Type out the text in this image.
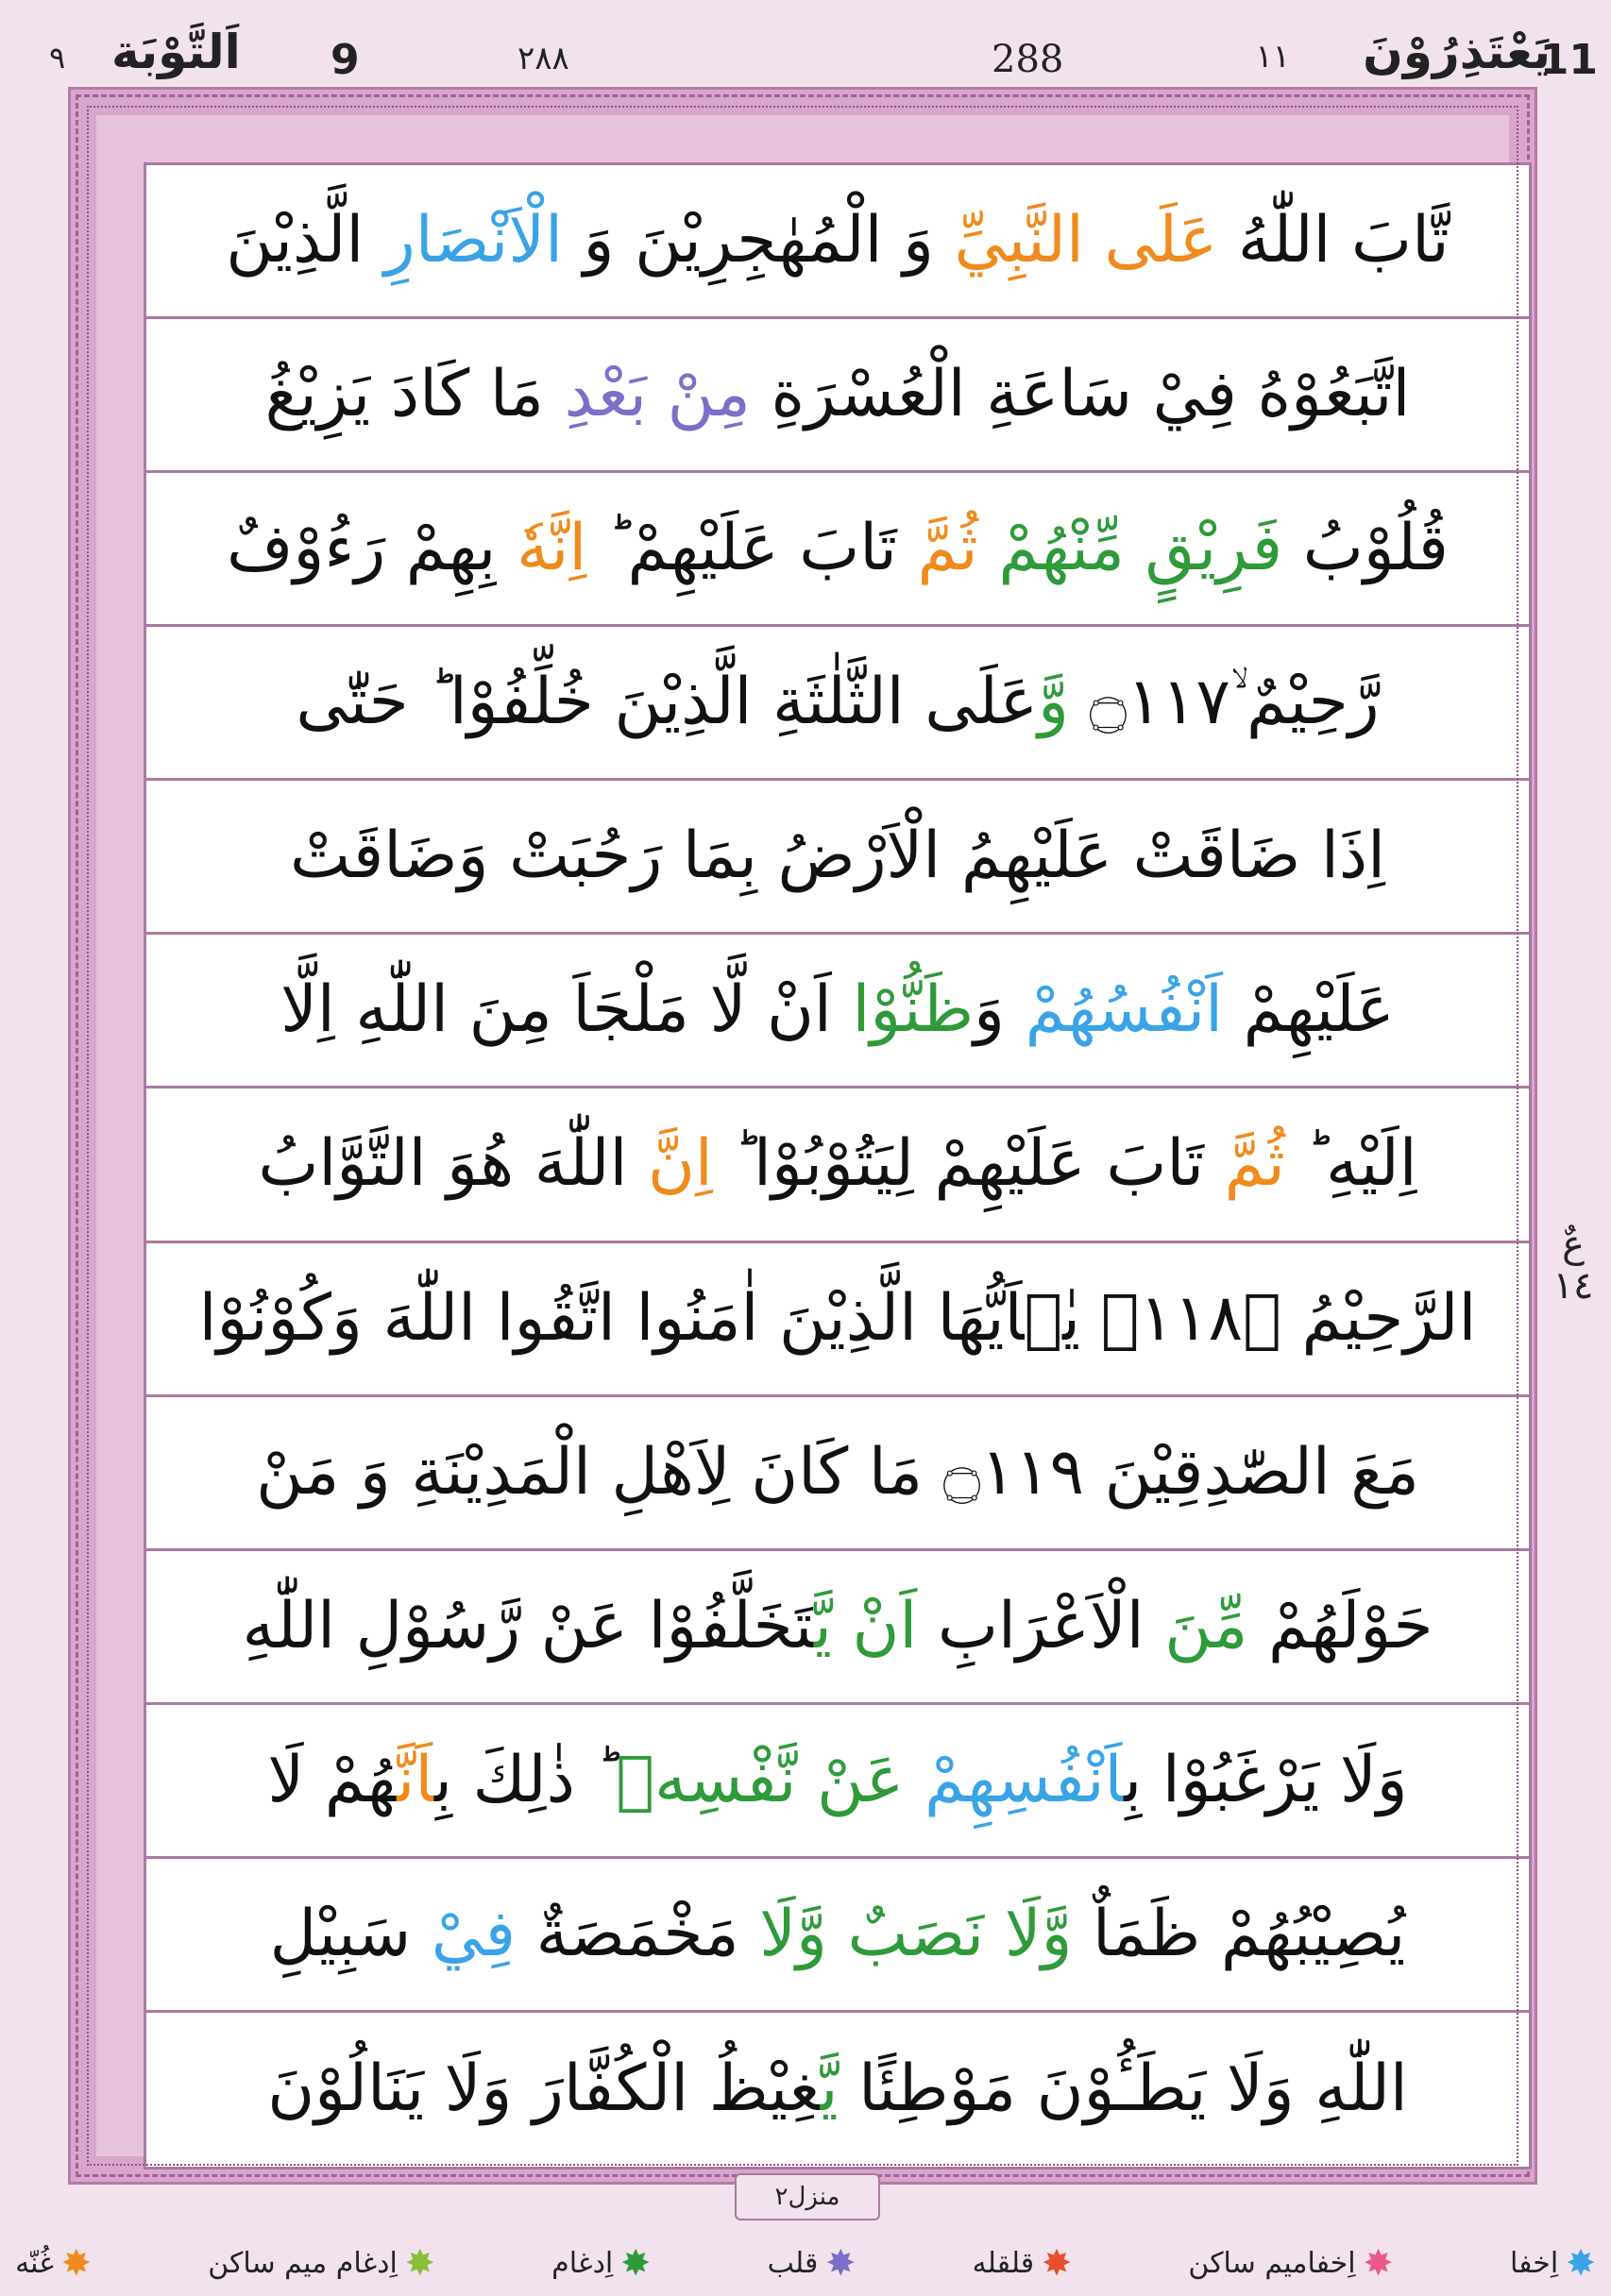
11
يَعْتَذِرُوْنَ
١١
288
٢٨٨
9
اَلتَّوْبَة
٩
تَّابَ اللّٰهُ عَلَى النَّبِيِّ وَ الْمُهٰجِرِيْنَ وَ الْاَنْصَارِ الَّذِيْنَ
اتَّبَعُوْهُ فِيْ سَاعَةِ الْعُسْرَةِ مِنْ بَعْدِ مَا كَادَ يَزِيْغُ
قُلُوْبُ فَرِيْقٍ مِّنْهُمْ ثُمَّ تَابَ عَلَيْهِمْ ؕ اِنَّهٗ بِهِمْ رَءُوْفٌ
رَّحِيْمٌ ۙ۝١١٧ وَّعَلَى الثَّلٰثَةِ الَّذِيْنَ خُلِّفُوْا ؕ حَتّٰى
اِذَا ضَاقَتْ عَلَيْهِمُ الْاَرْضُ بِمَا رَحُبَتْ وَضَاقَتْ
عَلَيْهِمْ اَنْفُسُهُمْ وَظَنُّوْا اَنْ لَّا مَلْجَاَ مِنَ اللّٰهِ اِلَّا
اِلَيْهِ ؕ ثُمَّ تَابَ عَلَيْهِمْ لِيَتُوْبُوْا ؕ اِنَّ اللّٰهَ هُوَ التَّوَّابُ
الرَّحِيْمُ ۝١١٨ۧ يٰۤاَيُّهَا الَّذِيْنَ اٰمَنُوا اتَّقُوا اللّٰهَ وَكُوْنُوْا
مَعَ الصّٰدِقِيْنَ ۝١١٩ مَا كَانَ لِاَهْلِ الْمَدِيْنَةِ وَ مَنْ
حَوْلَهُمْ مِّنَ الْاَعْرَابِ اَنْ يَّتَخَلَّفُوْا عَنْ رَّسُوْلِ اللّٰهِ
وَلَا يَرْغَبُوْا بِاَنْفُسِهِمْ عَنْ نَّفْسِهٖ ؕ ذٰلِكَ بِاَنَّهُمْ لَا
يُصِيْبُهُمْ ظَمَاٌ وَّلَا نَصَبٌ وَّلَا مَخْمَصَةٌ فِيْ سَبِيْلِ
اللّٰهِ وَلَا يَطَـُٔوْنَ مَوْطِئًا يَّغِيْظُ الْكُفَّارَ وَلَا يَنَالُوْنَ
عٌ ١٤
منزل٢
✸
اِخفا
✸
اِخفامیم ساکن
✸
قلقله
✸
قلب
✸
اِدغام
✸
اِدغام میم ساکن
✸
غُنّه
